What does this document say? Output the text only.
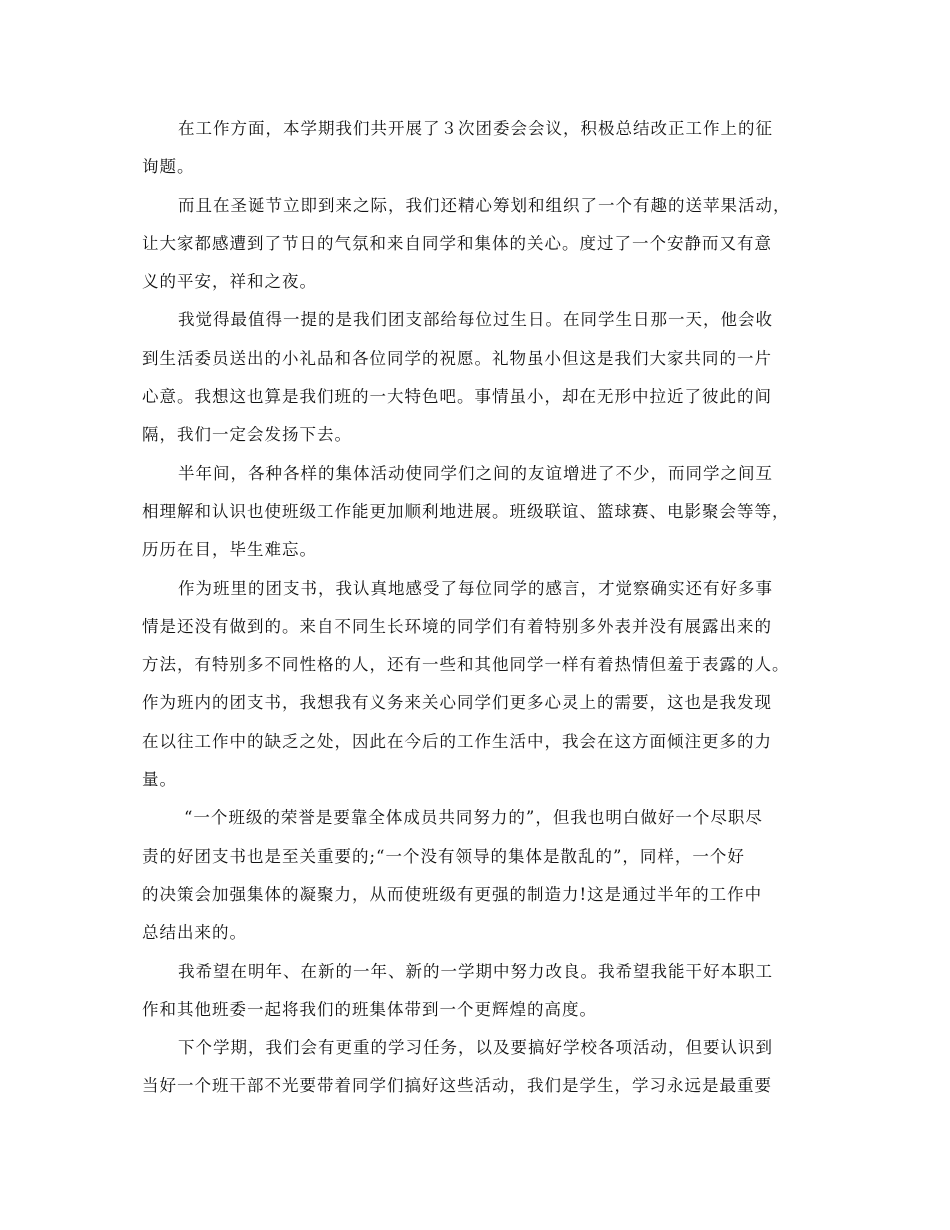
在工作方面，本学期我们共开展了３次团委会会议，积极总结改正工作上的征
询题。
而且在圣诞节立即到来之际，我们还精心筹划和组织了一个有趣的送苹果活动，
让大家都感遭到了节日的气氛和来自同学和集体的关心。度过了一个安静而又有意
义的平安，祥和之夜。
我觉得最值得一提的是我们团支部给每位过生日。在同学生日那一天，他会收
到生活委员送出的小礼品和各位同学的祝愿。礼物虽小但这是我们大家共同的一片
心意。我想这也算是我们班的一大特色吧。事情虽小，却在无形中拉近了彼此的间
隔，我们一定会发扬下去。
半年间，各种各样的集体活动使同学们之间的友谊增进了不少，而同学之间互
相理解和认识也使班级工作能更加顺利地进展。班级联谊、篮球赛、电影聚会等等，
历历在目，毕生难忘。
作为班里的团支书，我认真地感受了每位同学的感言，才觉察确实还有好多事
情是还没有做到的。来自不同生长环境的同学们有着特别多外表并没有展露出来的
方法，有特别多不同性格的人，还有一些和其他同学一样有着热情但羞于表露的人。
作为班内的团支书，我想我有义务来关心同学们更多心灵上的需要，这也是我发现
在以往工作中的缺乏之处，因此在今后的工作生活中，我会在这方面倾注更多的力
量。
“一个班级的荣誉是要靠全体成员共同努力的”，但我也明白做好一个尽职尽
责的好团支书也是至关重要的;“一个没有领导的集体是散乱的”，同样，一个好
的决策会加强集体的凝聚力，从而使班级有更强的制造力!这是通过半年的工作中
总结出来的。
我希望在明年、在新的一年、新的一学期中努力改良。我希望我能干好本职工
作和其他班委一起将我们的班集体带到一个更辉煌的高度。
下个学期，我们会有更重的学习任务，以及要搞好学校各项活动，但要认识到
当好一个班干部不光要带着同学们搞好这些活动，我们是学生，学习永远是最重要
